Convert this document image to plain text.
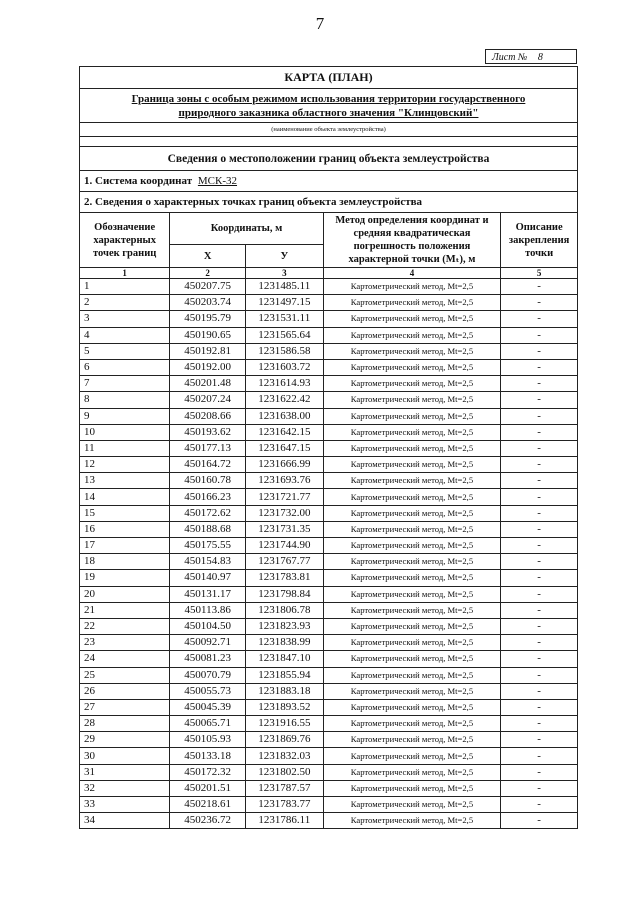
7
Лист № 8
КАРТА (ПЛАН)				
Граница зоны с особым режимом использования территории государственного
природного заказника областного значения "Клинцовский"				
(наименование объекта землеустройства)				

Сведения о местоположении границ объекта землеустройства				
1. Система координат МСК-32				
2. Сведения о характерных точках границ объекта землеустройства				
Обозначение характерных точек границ	Координаты, м		Метод определения координат и средняя квадратическая погрешность положения характерной точки (Mₜ), м	Описание закрепления точки
	X	У		
1	2	3	4	5
1	450207.75	1231485.11	Картометрический метод, Mt=2,5	-
2	450203.74	1231497.15	Картометрический метод, Mt=2,5	-
3	450195.79	1231531.11	Картометрический метод, Mt=2,5	-
4	450190.65	1231565.64	Картометрический метод, Mt=2,5	-
5	450192.81	1231586.58	Картометрический метод, Mt=2,5	-
6	450192.00	1231603.72	Картометрический метод, Mt=2,5	-
7	450201.48	1231614.93	Картометрический метод, Mt=2,5	-
8	450207.24	1231622.42	Картометрический метод, Mt=2,5	-
9	450208.66	1231638.00	Картометрический метод, Mt=2,5	-
10	450193.62	1231642.15	Картометрический метод, Mt=2,5	-
11	450177.13	1231647.15	Картометрический метод, Mt=2,5	-
12	450164.72	1231666.99	Картометрический метод, Mt=2,5	-
13	450160.78	1231693.76	Картометрический метод, Mt=2,5	-
14	450166.23	1231721.77	Картометрический метод, Mt=2,5	-
15	450172.62	1231732.00	Картометрический метод, Mt=2,5	-
16	450188.68	1231731.35	Картометрический метод, Mt=2,5	-
17	450175.55	1231744.90	Картометрический метод, Mt=2,5	-
18	450154.83	1231767.77	Картометрический метод, Mt=2,5	-
19	450140.97	1231783.81	Картометрический метод, Mt=2,5	-
20	450131.17	1231798.84	Картометрический метод, Mt=2,5	-
21	450113.86	1231806.78	Картометрический метод, Mt=2,5	-
22	450104.50	1231823.93	Картометрический метод, Mt=2,5	-
23	450092.71	1231838.99	Картометрический метод, Mt=2,5	-
24	450081.23	1231847.10	Картометрический метод, Mt=2,5	-
25	450070.79	1231855.94	Картометрический метод, Mt=2,5	-
26	450055.73	1231883.18	Картометрический метод, Mt=2,5	-
27	450045.39	1231893.52	Картометрический метод, Mt=2,5	-
28	450065.71	1231916.55	Картометрический метод, Mt=2,5	-
29	450105.93	1231869.76	Картометрический метод, Mt=2,5	-
30	450133.18	1231832.03	Картометрический метод, Mt=2,5	-
31	450172.32	1231802.50	Картометрический метод, Mt=2,5	-
32	450201.51	1231787.57	Картометрический метод, Mt=2,5	-
33	450218.61	1231783.77	Картометрический метод, Mt=2,5	-
34	450236.72	1231786.11	Картометрический метод, Mt=2,5	-
